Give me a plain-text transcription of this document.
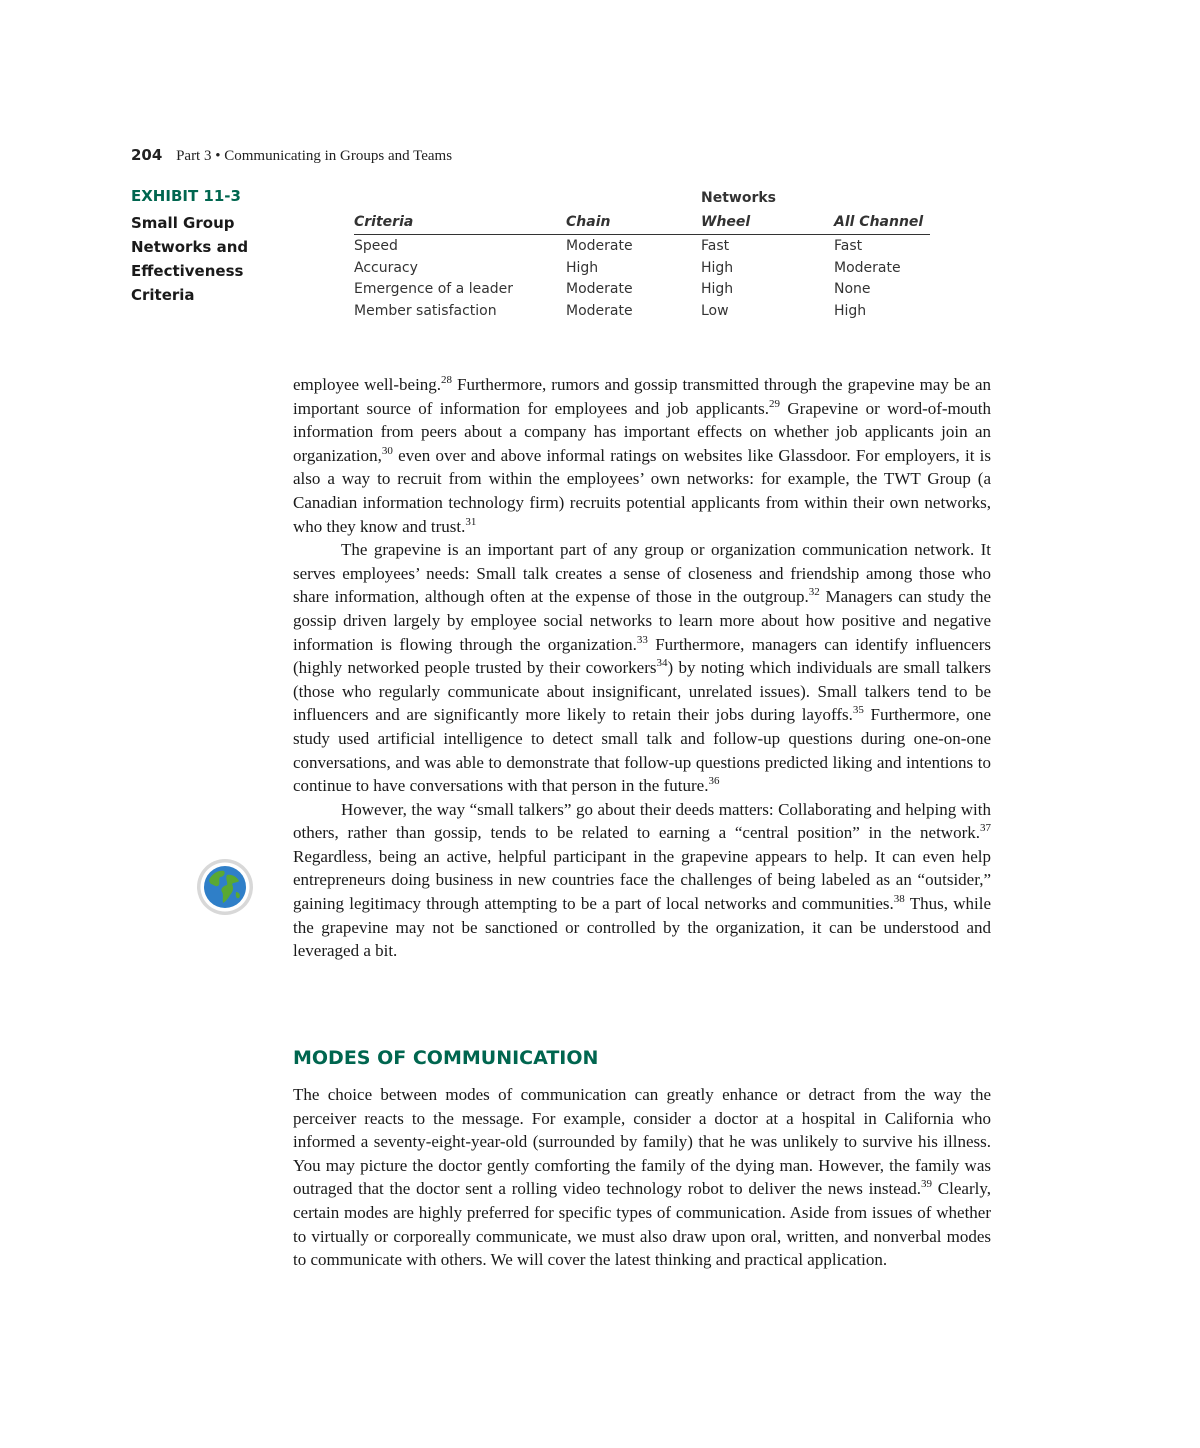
204 Part 3 • Communicating in Groups and Teams
EXHIBIT 11-3
Small Group Networks and Effectiveness Criteria
		Networks	
Criteria	Chain	Wheel	All Channel
Speed	Moderate	Fast	Fast
Accuracy	High	High	Moderate
Emergence of a leader	Moderate	High	None
Member satisfaction	Moderate	Low	High

employee well-being.$^{28}$ Furthermore, rumors and gossip transmitted through the grapevine may be an important source of information for employees and job applicants.$^{29}$ Grapevine or word-of-mouth information from peers about a company has important effects on whether job applicants join an organization,$^{30}$ even over and above informal ratings on websites like Glassdoor. For employers, it is also a way to recruit from within the employees’ own networks: for example, the TWT Group (a Canadian information technology firm) recruits potential applicants from within their own networks, who they know and trust.$^{31}$

The grapevine is an important part of any group or organization communication network. It serves employees’ needs: Small talk creates a sense of closeness and friendship among those who share information, although often at the expense of those in the outgroup.$^{32}$ Managers can study the gossip driven largely by employee social networks to learn more about how positive and negative information is flowing through the organization.$^{33}$ Furthermore, managers can identify influencers (highly networked people trusted by their coworkers$^{34}$) by noting which individuals are small talkers (those who regularly communicate about insignificant, unrelated issues). Small talkers tend to be influencers and are significantly more likely to retain their jobs during layoffs.$^{35}$ Furthermore, one study used artificial intelligence to detect small talk and follow-up questions during one-on-one conversations, and was able to demonstrate that follow-up questions predicted liking and intentions to continue to have conversations with that person in the future.$^{36}$

However, the way “small talkers” go about their deeds matters: Collaborating and helping with others, rather than gossip, tends to be related to earning a “central position” in the network.$^{37}$ Regardless, being an active, helpful participant in the grapevine appears to help. It can even help entrepreneurs doing business in new countries face the challenges of being labeled as an “outsider,” gaining legitimacy through attempting to be a part of local networks and communities.$^{38}$ Thus, while the grapevine may not be sanctioned or controlled by the organization, it can be understood and leveraged a bit.

MODES OF COMMUNICATION

The choice between modes of communication can greatly enhance or detract from the way the perceiver reacts to the message. For example, consider a doctor at a hospital in California who informed a seventy-eight-year-old (surrounded by family) that he was unlikely to survive his illness. You may picture the doctor gently comforting the family of the dying man. However, the family was outraged that the doctor sent a rolling video technology robot to deliver the news instead.$^{39}$ Clearly, certain modes are highly preferred for specific types of communication. Aside from issues of whether to virtually or corporeally communicate, we must also draw upon oral, written, and nonverbal modes to communicate with others. We will cover the latest thinking and practical application.
